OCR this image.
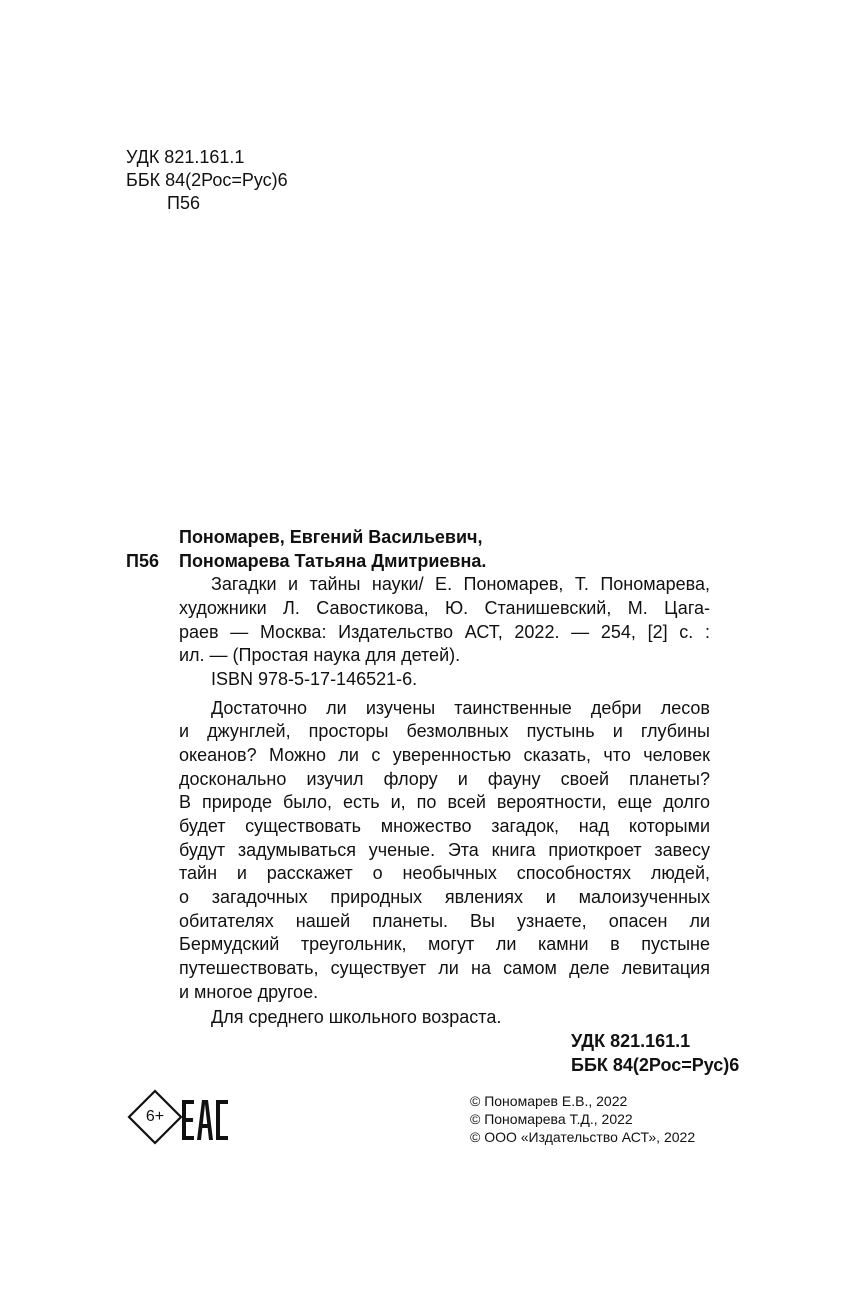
УДК 821.161.1
ББК 84(2Рос=Рус)6
П56
Пономарев, Евгений Васильевич,
П56 Пономарева Татьяна Дмитриевна.
Загадки и тайны науки/ Е. Пономарев, Т. Пономарева,
художники Л. Савостикова, Ю. Станишевский, М. Цага-
раев — Москва: Издательство АСТ, 2022. — 254, [2] с. :
ил. — (Простая наука для детей).
ISBN 978-5-17-146521-6.
Достаточно ли изучены таинственные дебри лесов
и джунглей, просторы безмолвных пустынь и глубины
океанов? Можно ли с уверенностью сказать, что человек
досконально изучил флору и фауну своей планеты?
В природе было, есть и, по всей вероятности, еще долго
будет существовать множество загадок, над которыми
будут задумываться ученые. Эта книга приоткроет завесу
тайн и расскажет о необычных способностях людей,
о загадочных природных явлениях и малоизученных
обитателях нашей планеты. Вы узнаете, опасен ли
Бермудский треугольник, могут ли камни в пустыне
путешествовать, существует ли на самом деле левитация
и многое другое.
Для среднего школьного возраста.
УДК 821.161.1
ББК 84(2Рос=Рус)6
6+
© Пономарев Е.В., 2022
© Пономарева Т.Д., 2022
© ООО «Издательство АСТ», 2022
